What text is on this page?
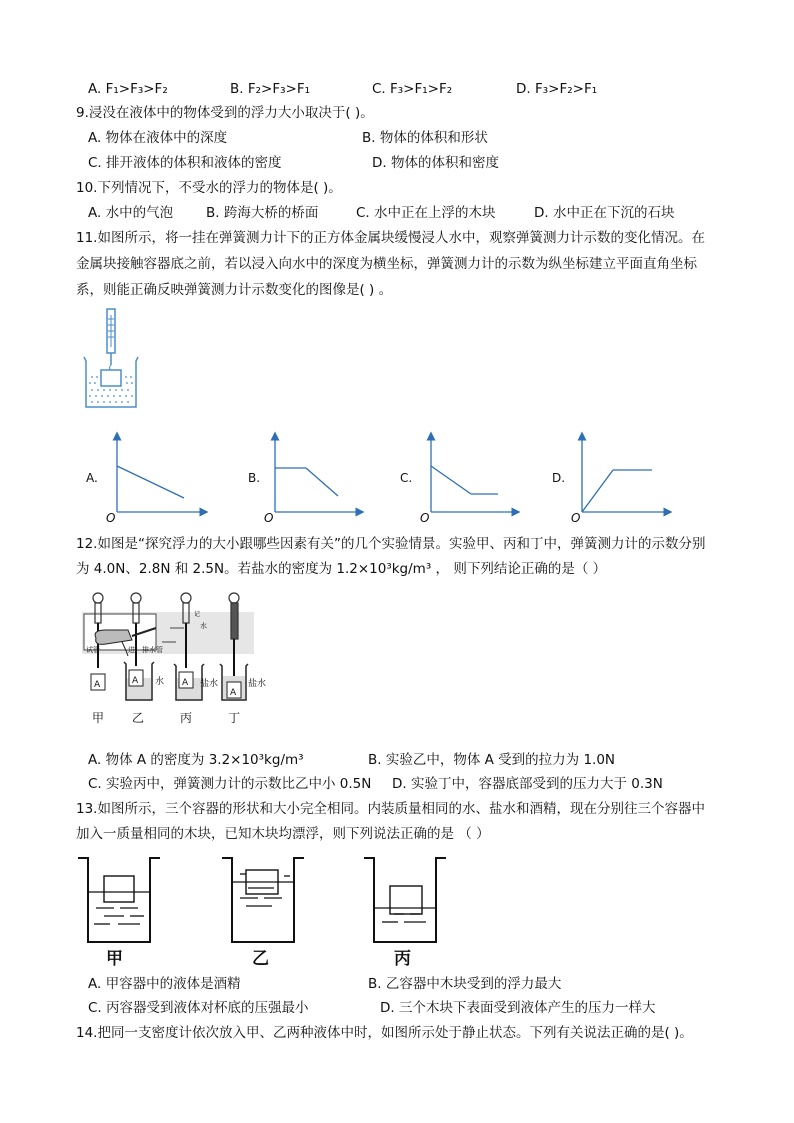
A. F₁>F₃>F₂	B. F₂>F₃>F₁	C. F₃>F₁>F₂	D. F₃>F₂>F₁
9.浸没在液体中的物体受到的浮力大小取决于( )。
A. 物体在液体中的深度	B. 物体的体积和形状
C. 排开液体的体积和液体的密度	D. 物体的体积和密度
10.下列情况下，不受水的浮力的物体是( )。
A. 水中的气泡 B. 跨海大桥的桥面	C. 水中正在上浮的木块	D. 水中正在下沉的石块
11.如图所示，将一挂在弹簧测力计下的正方体金属块缓慢浸人水中，观察弹簧测力计示数的变化情况。在
金属块接触容器底之前，若以浸入向水中的深度为横坐标，弹簧测力计的示数为纵坐标建立平面直角坐标
系，则能正确反映弹簧测力计示数变化的图像是( ) 。
A.	B.	C.	D.
O	O	O	O
12.如图是“探究浮力的大小跟哪些因素有关”的几个实验情景。实验甲、丙和丁中，弹簧测力计的示数分别
为 4.0N、2.8N 和 2.5N。若盐水的密度为 1.2×10³kg/m³ ， 则下列结论正确的是（ ）
试管	进、排水管
水
记
A	A 水 A 盐水
A
盐水
甲 乙	丙	丁
A. 物体 A 的密度为 3.2×10³kg/m³	B. 实验乙中，物体 A 受到的拉力为 1.0N
C. 实验丙中，弹簧测力计的示数比乙中小 0.5N D. 实验丁中，容器底部受到的压力大于 0.3N
13.如图所示，三个容器的形状和大小完全相同。内装质量相同的水、盐水和酒精，现在分别往三个容器中
加入一质量相同的木块，已知木块均漂浮，则下列说法正确的是 （ ）
甲	乙	丙
A. 甲容器中的液体是酒精	B. 乙容器中木块受到的浮力最大
C. 丙容器受到液体对杯底的压强最小	D. 三个木块下表面受到液体产生的压力一样大
14.把同一支密度计依次放入甲、乙两种液体中时，如图所示处于静止状态。下列有关说法正确的是( )。
